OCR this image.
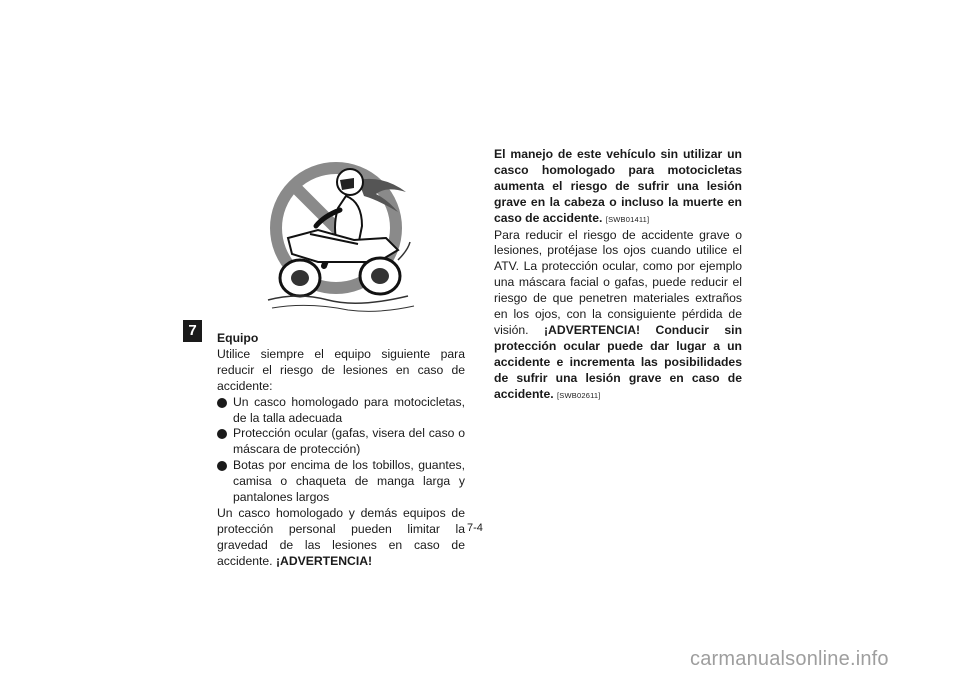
7	Equipo

Utilice siempre el equipo siguiente para reducir el riesgo de lesiones en caso de accidente:

Un casco homologado para motocicletas, de la talla adecuada
Protección ocular (gafas, visera del caso o máscara de protección)
Botas por encima de los tobillos, guantes, camisa o chaqueta de manga larga y pantalones largos

Un casco homologado y demás equipos de protección personal pueden limitar la gravedad de las lesiones en caso de accidente. ¡ADVERTENCIA!

El manejo de este vehículo sin utilizar un casco homologado para motocicletas aumenta el riesgo de sufrir una lesión grave en la cabeza o incluso la muerte en caso de accidente. [SWB01411]

Para reducir el riesgo de accidente grave o lesiones, protéjase los ojos cuando utilice el ATV. La protección ocular, como por ejemplo una máscara facial o gafas, puede reducir el riesgo de que penetren materiales extraños en los ojos, con la consiguiente pérdida de visión. ¡ADVERTENCIA! Conducir sin protección ocular puede dar lugar a un accidente e incrementa las posibilidades de sufrir una lesión grave en caso de accidente. [SWB02611]

7-4
carmanualsonline.info
